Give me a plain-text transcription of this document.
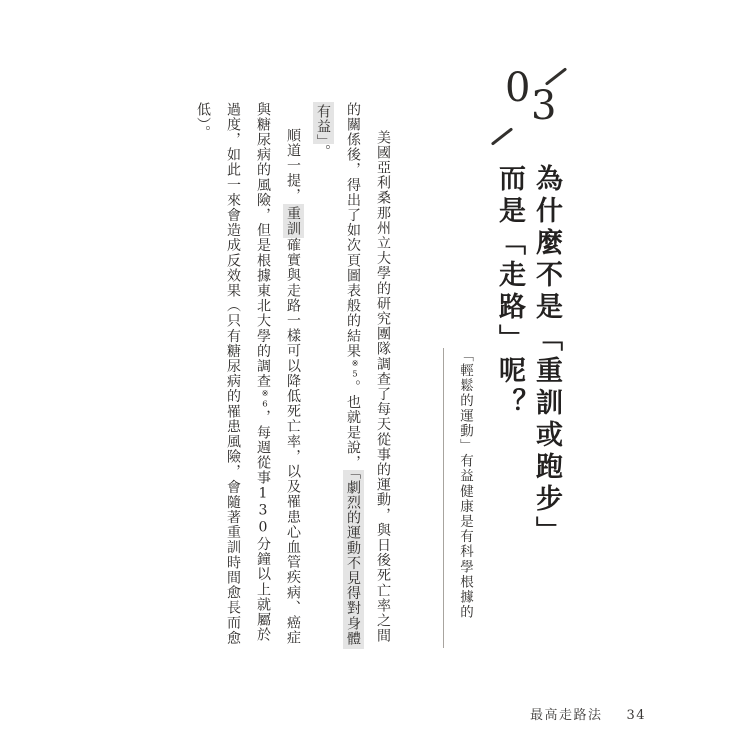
0 3
為什麼不是「重訓或跑步」
而是「走路」呢？
「輕鬆的運動」有益健康是有科學根據的
美國亞利桑那州立大學的研究團隊調查了每天從事的運動，與日後死亡率之間
的關係後，得出了如次頁圖表般的結果※5。也就是說，「劇烈的運動不見得對身體
有益」。
順道一提，重訓確實與走路一樣可以降低死亡率，以及罹患心血管疾病、癌症
與糖尿病的風險，但是根據東北大學的調查※6，每週從事130分鐘以上就屬於
過度，如此一來會造成反效果（只有糖尿病的罹患風險，會隨著重訓時間愈長而愈
低）。
最高走路法 34
